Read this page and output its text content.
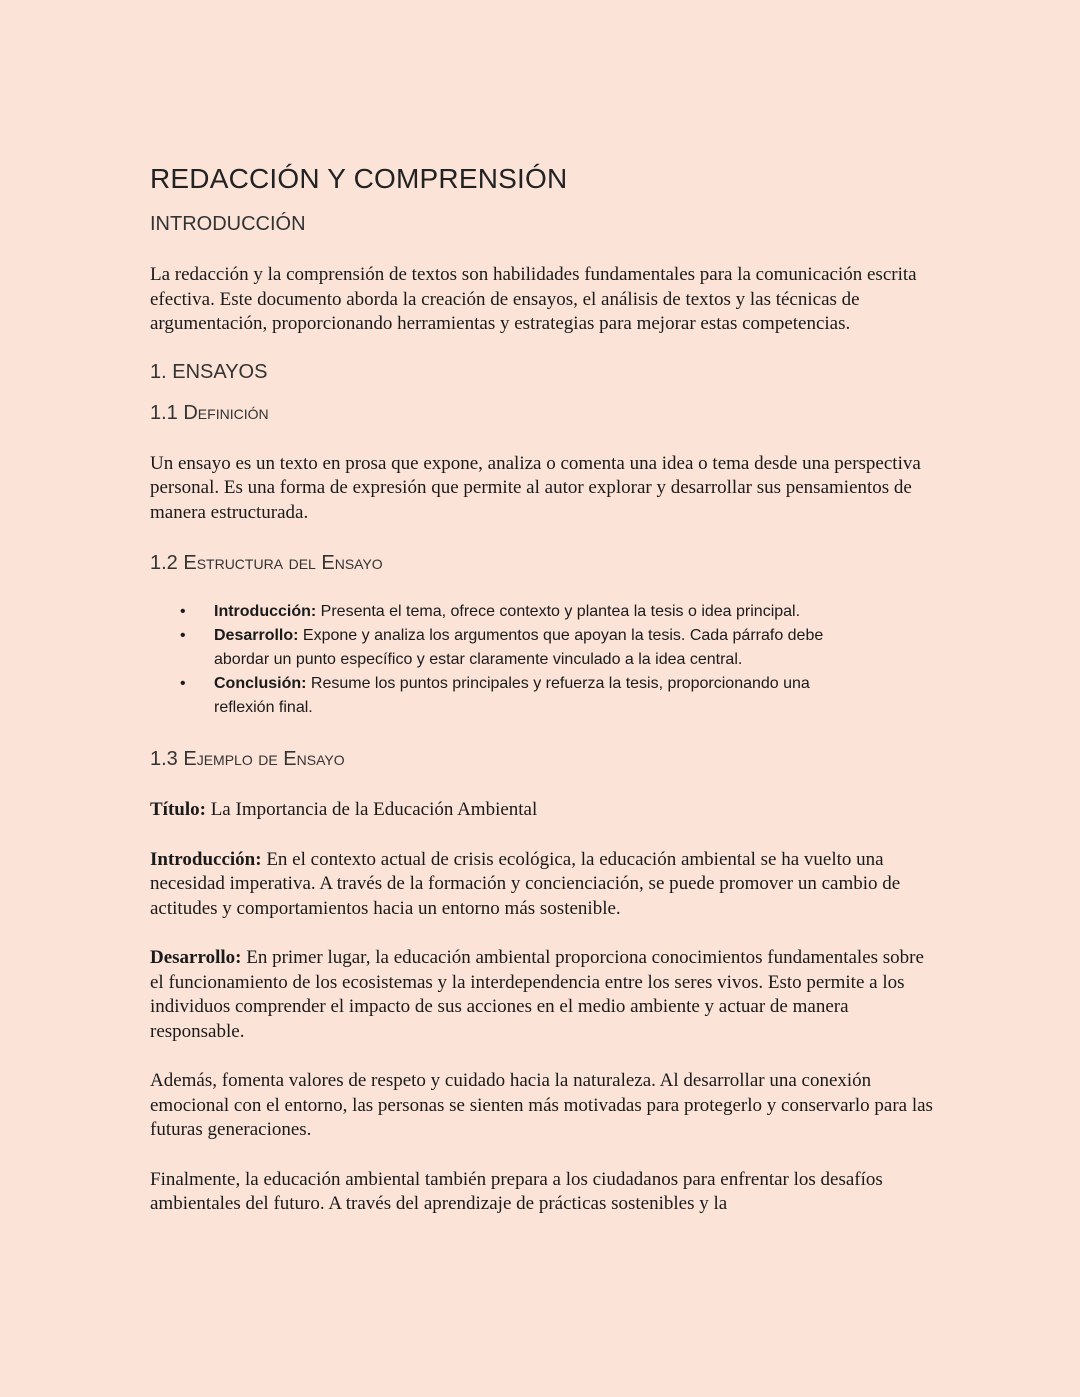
REDACCIÓN Y COMPRENSIÓN
INTRODUCCIÓN

La redacción y la comprensión de textos son habilidades fundamentales para la comunicación escrita efectiva. Este documento aborda la creación de ensayos, el análisis de textos y las técnicas de argumentación, proporcionando herramientas y estrategias para mejorar estas competencias.

1. ENSAYOS
1.1 Definición

Un ensayo es un texto en prosa que expone, analiza o comenta una idea o tema desde una perspectiva personal. Es una forma de expresión que permite al autor explorar y desarrollar sus pensamientos de manera estructurada.

1.2 Estructura del Ensayo
• Introducción: Presenta el tema, ofrece contexto y plantea la tesis o idea principal.
• Desarrollo: Expone y analiza los argumentos que apoyan la tesis. Cada párrafo debe abordar un punto específico y estar claramente vinculado a la idea central.
• Conclusión: Resume los puntos principales y refuerza la tesis, proporcionando una reflexión final.
1.3 Ejemplo de Ensayo

Título: La Importancia de la Educación Ambiental

Introducción: En el contexto actual de crisis ecológica, la educación ambiental se ha vuelto una necesidad imperativa. A través de la formación y concienciación, se puede promover un cambio de actitudes y comportamientos hacia un entorno más sostenible.

Desarrollo: En primer lugar, la educación ambiental proporciona conocimientos fundamentales sobre el funcionamiento de los ecosistemas y la interdependencia entre los seres vivos. Esto permite a los individuos comprender el impacto de sus acciones en el medio ambiente y actuar de manera responsable.

Además, fomenta valores de respeto y cuidado hacia la naturaleza. Al desarrollar una conexión emocional con el entorno, las personas se sienten más motivadas para protegerlo y conservarlo para las futuras generaciones.

Finalmente, la educación ambiental también prepara a los ciudadanos para enfrentar los desafíos ambientales del futuro. A través del aprendizaje de prácticas sostenibles y la
